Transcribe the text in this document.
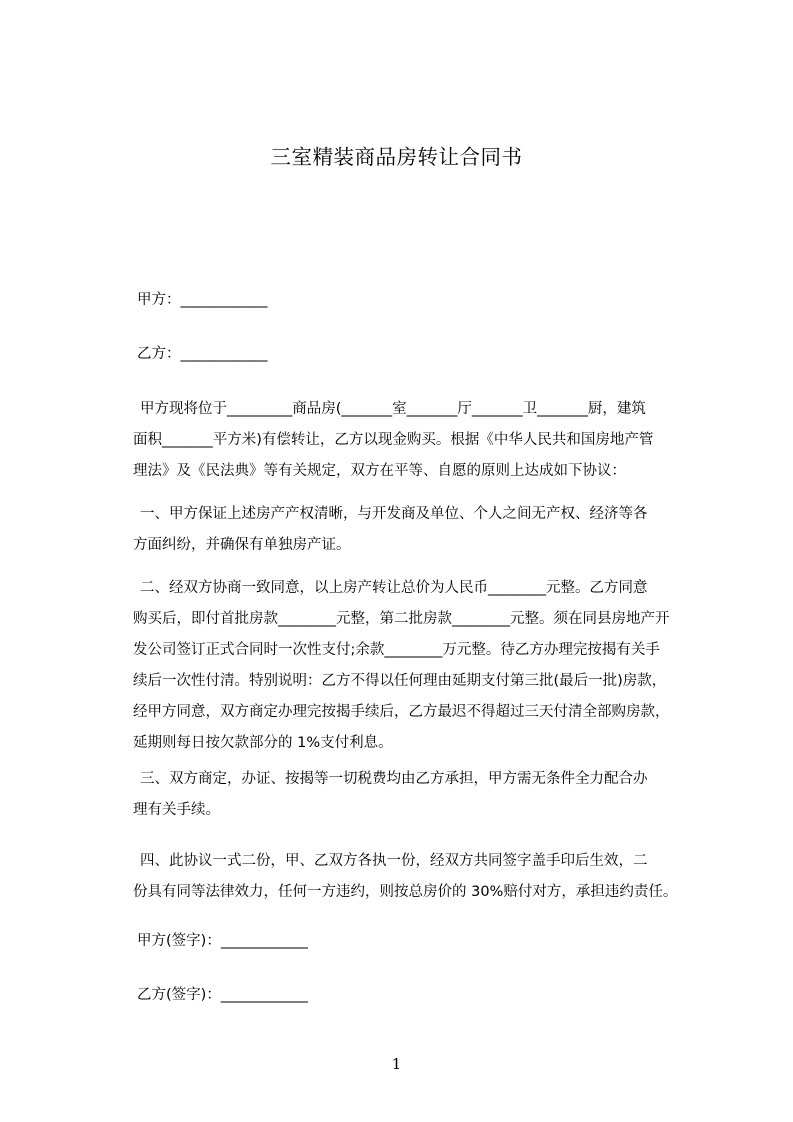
三室精装商品房转让合同书
甲方：____________
乙方：____________
甲方现将位于_________商品房(_______室_______厅_______卫_______厨，建筑
面积_______平方米)有偿转让，乙方以现金购买。根据《中华人民共和国房地产管
理法》及《民法典》等有关规定，双方在平等、自愿的原则上达成如下协议：
一、甲方保证上述房产产权清晰，与开发商及单位、个人之间无产权、经济等各
方面纠纷，并确保有单独房产证。
二、经双方协商一致同意，以上房产转让总价为人民币________元整。乙方同意
购买后，即付首批房款________元整，第二批房款________元整。须在同县房地产开
发公司签订正式合同时一次性支付;余款________万元整。待乙方办理完按揭有关手
续后一次性付清。特别说明：乙方不得以任何理由延期支付第三批(最后一批)房款，
经甲方同意，双方商定办理完按揭手续后，乙方最迟不得超过三天付清全部购房款，
延期则每日按欠款部分的 1%支付利息。
三、双方商定，办证、按揭等一切税费均由乙方承担，甲方需无条件全力配合办
理有关手续。
四、此协议一式二份，甲、乙双方各执一份，经双方共同签字盖手印后生效，二
份具有同等法律效力，任何一方违约，则按总房价的 30%赔付对方，承担违约责任。
甲方(签字)：____________
乙方(签字)：____________
1
